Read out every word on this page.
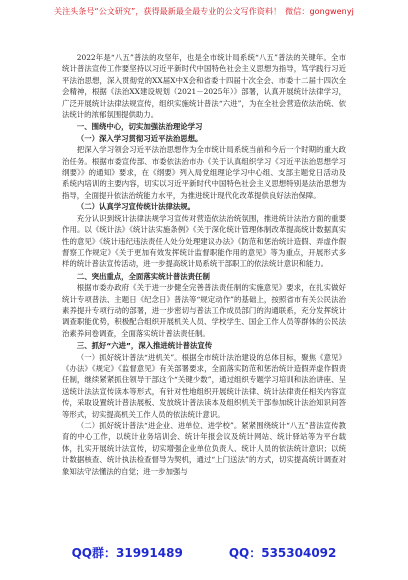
关注头条号“公文研究”，获得最新最全最专业的公文写作资料！ 微信：gongwenyj

2022年是“八五”普法的攻坚年，也是全市统计局系统“八五”普法的关键年。全市统计普法宣传工作要坚持以习近平新时代中国特色社会主义思想为指导，笃学践行习近平法治思想，深入贯彻党的XX届X中X会和省委十四届十次全会、市委十二届十四次全会精神，根据《法治XX建设规划（2021－2025年）》部署，认真开展统计法律学习，广泛开展统计法律法规宣传，组织实施统计普法“六进”，为在全社会营造依法治统、依法统计的浓郁氛围提供助力。

一、围绕中心，切实加强法治理论学习
（一）深入学习贯彻习近平法治思想。

把深入学习领会习近平法治思想作为全市统计局系统当前和今后一个时期的重大政治任务。根据市委宣传部、市委依法治市办《关于认真组织学习《习近平法治思想学习纲要》》的通知》要求，在《纲要》列入局党组理论学习中心组、支部主题党日活动及系统内培训的主要内容，切实以习近平新时代中国特色社会主义思想特别是法治思想为指导，全面提升依法治统能力水平，为推进统计现代化改革提供良好法治保障。

（二）认真学习宣传统计法律法规。

充分认识到统计法律法规学习宣传对营造依法治统氛围，推进统计法治方面的重要作用。以《统计法》《统计法实施条例》《关于深化统计管理体制改革提高统计数据真实性的意见》《统计违纪违法责任人处分处理建议办法》《防范和惩治统计造假、弄虚作假督察工作规定》《关于更加有效发挥统计监督职能作用的意见》等为重点，开展形式多样的统计普法宣传活动，进一步提高统计局系统干部职工的依法统计意识和能力。

二、突出重点，全面落实统计普法责任制

根据市委办政府《关于进一步健全完善普法责任制的实施意见》要求，在扎实做好统计专项普法、主题日《纪念日》普法等“规定动作”的基础上，按照省市有关公民法治素养提升专项行动的部署，进一步密切与普法工作成员部门的沟通联系，充分发挥统计调查职能优势，积极配合组织开展机关人员、学校学生、国企工作人员等群体的公民法治素养问卷调查，全面落实统计普法责任制。

三、抓好“六进”，深入推进统计普法宣传

（一）抓好统计普法“进机关”。根据全市统计法治建设的总体目标，聚焦《意见》《办法》《规定》《监督意见》有关部署要求，全面落实防范和惩治统计造假弄虚作假责任制，继续紧紧抓住领导干部这个“关键少数”，通过组织专题学习培训和法治讲座、呈送统计法法宣传读本等形式，有针对性地组织开展统计法律、统计法律责任相关内容宣传，采取设置统计普法展板、发放统计普法读本及组织机关干部参加统计法治知识问答等形式，切实提高机关工作人员的依法统计意识。

（二）抓好统计普法“进企业、进单位、进学校”。紧紧围绕统计“八五”普法宣传教育的中心工作，以统计业务培训会、统计年报会议及统计网站、统计驿站等为平台载体，扎实开展统计法宣传，切实增强企业单位负责人、统计人员的依法统计意识；以统计数据核查、统计执法检查督导为契机，通过“上门送法”的方式，切实提高统计调查对象知法守法懂法的自觉；进一步加强与

QQ群：31991489	QQ：535304092
